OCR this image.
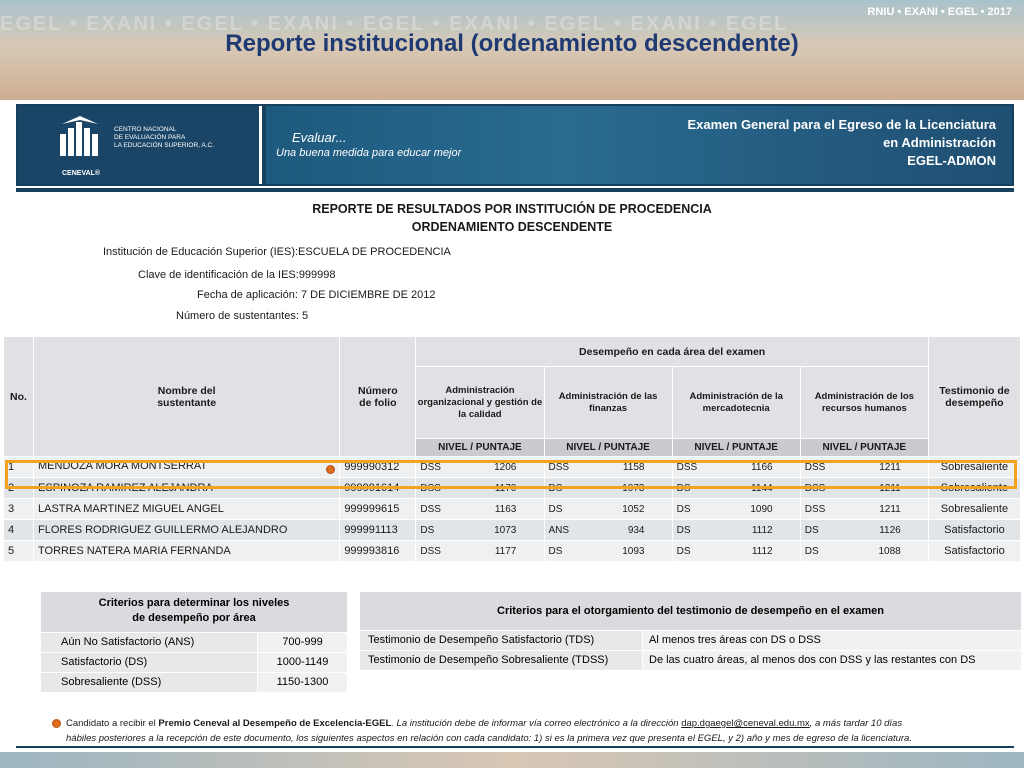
EGEL • EXANI • EGEL • EXANI • EGEL • EXANI • EGEL • EXANI • EGEL
RNIU • EXANI • EGEL • 2017
Reporte institucional (ordenamiento descendente)
CENTRO NACIONAL
DE EVALUACIÓN PARA
LA EDUCACIÓN SUPERIOR, A.C.
CENEVAL®
Evaluar...
Una buena medida para educar mejor
Examen General para el Egreso de la Licenciatura
en Administración
EGEL-ADMON
REPORTE DE RESULTADOS POR INSTITUCIÓN DE PROCEDENCIA
ORDENAMIENTO DESCENDENTE
Institución de Educación Superior (IES):ESCUELA DE PROCEDENCIA
Clave de identificación de la IES:999998
Fecha de aplicación: 7 DE DICIEMBRE DE 2012
Número de sustentantes: 5
No.	Nombre del sustentante	Número de folio	Desempeño en cada área del examen				Testimonio de desempeño
			Administración organizacional y gestión de la calidad	Administración de las finanzas	Administración de la mercadotecnia	Administración de los recursos humanos	
			NIVEL / PUNTAJE	NIVEL / PUNTAJE	NIVEL / PUNTAJE	NIVEL / PUNTAJE	
1	MENDOZA MORA MONTSERRAT	999990312	DSS 1206	DSS 1158	DSS 1166	DSS 1211	Sobresaliente
2	ESPINOZA RAMIREZ ALEJANDRA	999991614	DSS 1170	DS 1073	DS 1144	DSS 1211	Sobresaliente
3	LASTRA MARTINEZ MIGUEL ANGEL	999999615	DSS 1163	DS 1052	DS 1090	DSS 1211	Sobresaliente
4	FLORES RODRIGUEZ GUILLERMO ALEJANDRO	999991113	DS 1073	ANS 934	DS 1112	DS 1126	Satisfactorio
5	TORRES NATERA MARIA FERNANDA	999993816	DSS 1177	DS 1093	DS 1112	DS 1088	Satisfactorio
Criterios para determinar los niveles
de desempeño por área
Aún No Satisfactorio (ANS)	700-999
Satisfactorio (DS)	1000-1149
Sobresaliente (DSS)	1150-1300
Criterios para el otorgamiento del testimonio de desempeño en el examen
Testimonio de Desempeño Satisfactorio (TDS)	Al menos tres áreas con DS o DSS
Testimonio de Desempeño Sobresaliente (TDSS)	De las cuatro áreas, al menos dos con DSS y las restantes con DS
Candidato a recibir el Premio Ceneval al Desempeño de Excelencia-EGEL. La institución debe de informar vía correo electrónico a la dirección dap.dgaegel@ceneval.edu.mx, a más tardar 10 días
hábiles posteriores a la recepción de este documento, los siguientes aspectos en relación con cada candidato: 1) si es la primera vez que presenta el EGEL, y 2) año y mes de egreso de la licenciatura.
